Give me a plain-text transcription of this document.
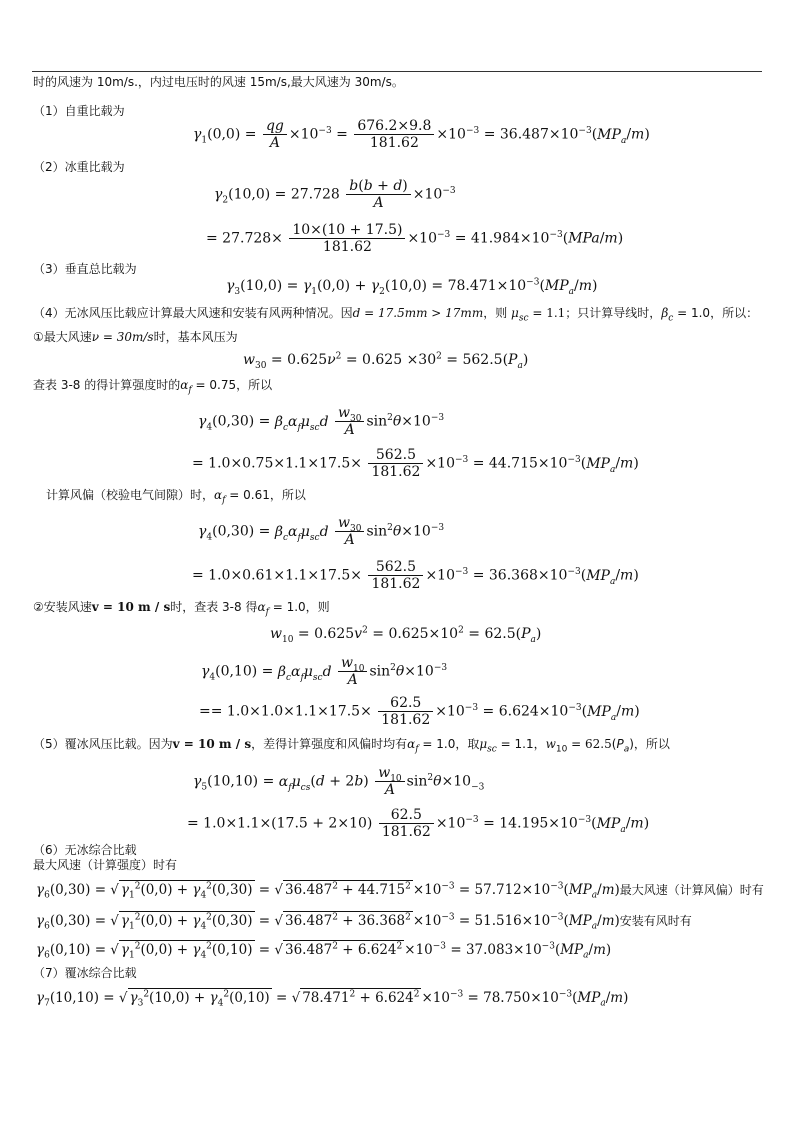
时的风速为 10m/s.，内过电压时的风速 15m/s,最大风速为 30m/s。
（1）自重比载为
$\gamma_1(0,0) = \frac{qg}{A} \times 10^{-3} = \frac{676.2\times 9.8}{181.62} \times 10^{-3} = 36.487\times 10^{-3}(MP_a/m)$
（2）冰重比载为
$\gamma_2(10,0) = 27.728 \frac{b(b + d)}{A} \times 10^{-3}$
= $27.728\times \frac{10\times(10 + 17.5)}{181.62} \times 10^{-3} = 41.984\times 10^{-3}(MPa/m)$
（3）垂直总比载为
$\gamma_3(10,0) = \gamma_1(0,0) + \gamma_2(10,0) = 78.471\times 10^{-3}(MP_a/m)$
（4）无冰风压比载应计算最大风速和安装有风两种情况。因d = 17.5mm > 17mm，则 $\mu_{sc} = 1.1$；只计算导线时，$\beta_c = 1.0$，所以：
①最大风速ν = 30m/s时，基本风压为
$w_{30} = 0.625\nu^2 = 0.625 \times 30^2 = 562.5(P_a)$
查表 3-8 的得计算强度时的$\alpha_f = 0.75$，所以
$\gamma_4(0,30) = \beta_c\alpha_f\mu_{sc}d \frac{w_{30}}{A} \sin^2\theta\times 10^{-3}$
= $1.0\times 0.75\times 1.1\times 17.5\times \frac{562.5}{181.62} \times 10^{-3} = 44.715\times 10^{-3}(MP_a/m)$
计算风偏（校验电气间隙）时，$\alpha_f = 0.61$，所以
$\gamma_4(0,30) = \beta_c\alpha_f\mu_{sc}d \frac{w_{30}}{A} \sin^2\theta\times 10^{-3}$
= $1.0\times 0.61\times 1.1\times 17.5\times \frac{562.5}{181.62} \times 10^{-3} = 36.368\times 10^{-3}(MP_a/m)$
②安装风速v = 10 m / s时，查表 3-8 得$\alpha_f = 1.0$，则
$w_{10} = 0.625v^2 = 0.625\times 10^2 = 62.5(P_a)$
$\gamma_4(0,10) = \beta_c\alpha_f\mu_{sc}d \frac{w_{10}}{A} \sin^2\theta\times 10^{-3}$
== $1.0\times 1.0\times 1.1\times 17.5\times \frac{62.5}{181.62} \times 10^{-3} = 6.624\times 10^{-3}(MP_a/m)$
（5）覆冰风压比载。因为v = 10 m / s，差得计算强度和风偏时均有$\alpha_f = 1.0$，取$\mu_{sc} = 1.1$，$w_{10} = 62.5(P_a)$，所以
$\gamma_5(10,10) = \alpha_f\mu_{cs}(d + 2b) \frac{w_{10}}{A} \sin^2\theta\times 10_{-3}$
= $1.0\times 1.1\times(17.5 + 2\times 10) \frac{62.5}{181.62} \times 10^{-3} = 14.195\times 10^{-3}(MP_a/m)$
（6）无冰综合比载
最大风速（计算强度）时有
$\gamma_6(0,30)$ = √ $\gamma_1^2(0,0) + \gamma_4^2(0,30)$ = √ $36.487^2 + 44.715^2 \times 10^{-3} = 57.712\times 10^{-3}(MP_a/m)$最大风速（计算风偏）时有
$\gamma_6(0,30)$ = √ $\gamma_1^2(0,0) + \gamma_4^2(0,30)$ = √ $36.487^2 + 36.368^2 \times 10^{-3} = 51.516\times 10^{-3}(MP_a/m)$安装有风时有
$\gamma_6(0,10)$ = √ $\gamma_1^2(0,0) + \gamma_4^2(0,10)$ = √ $36.487^2 + 6.624^2 \times 10^{-3} = 37.083\times 10^{-3}(MP_a/m)$
（7）覆冰综合比载
$\gamma_7(10,10)$ = √ $\gamma_3^2(10,0) + \gamma_4^2(0,10)$ = √ $78.471^2 + 6.624^2 \times 10^{-3} = 78.750\times 10^{-3}(MP_a/m)$
